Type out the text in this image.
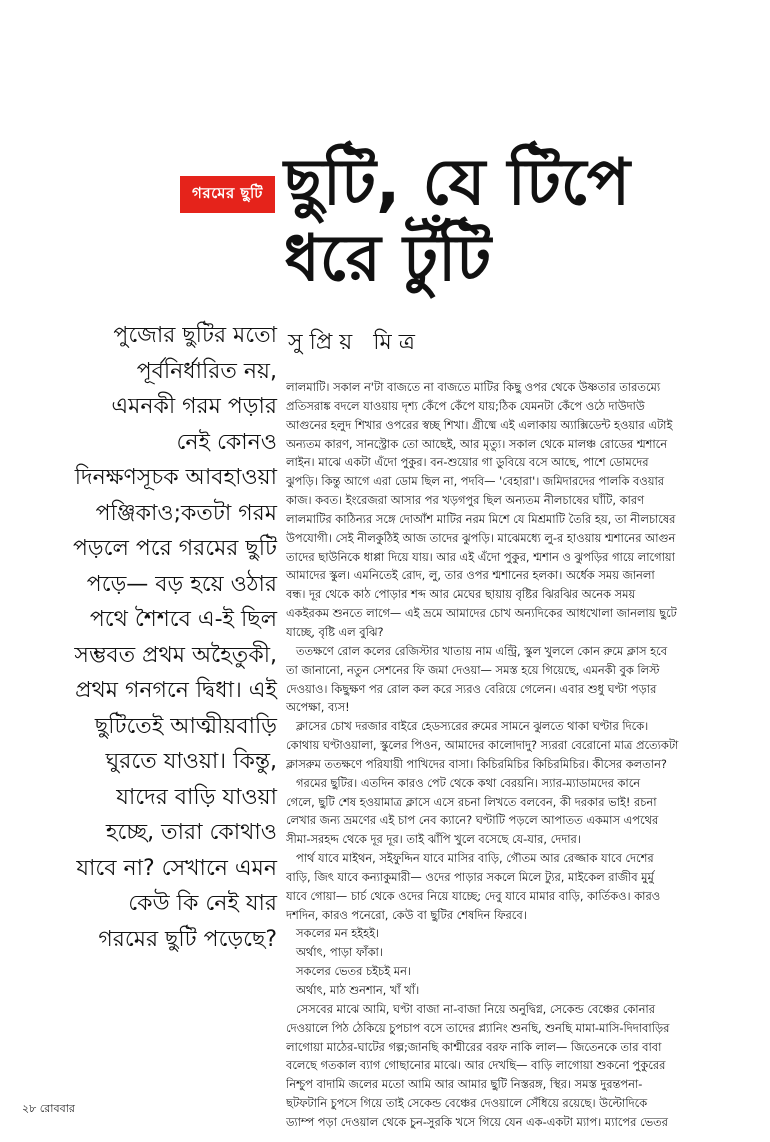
গরমের ছুটি ছুটি, যে টিপে
ধরে টুঁটি
সুপ্রিয় মিত্র
পুজোর ছুটির মতো
পূর্বনির্ধারিত নয়,
এমনকী গরম পড়ার
নেই কোনও
দিনক্ষণসূচক আবহাওয়া
পঞ্জিকাও;কতটা গরম
পড়লে পরে গরমের ছুটি
পড়ে— বড় হয়ে ওঠার
পথে শৈশবে এ-ই ছিল
সম্ভবত প্রথম অহৈতুকী,
প্রথম গনগনে দ্বিধা। এই
ছুটিতেই আত্মীয়বাড়ি
ঘুরতে যাওয়া। কিন্তু,
যাদের বাড়ি যাওয়া
হচ্ছে, তারা কোথাও
যাবে না? সেখানে এমন
কেউ কি নেই যার
গরমের ছুটি পড়েছে?
লালমাটি। সকাল ন'টা বাজতে না বাজতে মাটির কিছু ওপর থেকে উষ্ণতার তারতম্যে
প্রতিসরাঙ্ক বদলে যাওয়ায় দৃশ্য কেঁপে কেঁপে যায়;ঠিক যেমনটা কেঁপে ওঠে দাউদাউ
আগুনের হলুদ শিখার ওপরের স্বচ্ছ শিখা। গ্রীষ্মে এই এলাকায় অ্যাক্সিডেন্ট হওয়ার এটাই
অন্যতম কারণ, সানস্ট্রোক তো আছেই, আর মৃত্যু। সকাল থেকে মালঞ্চ রোডের শ্মশানে
লাইন। মাঝে একটা এঁদো পুকুর। বন-শুয়োর গা ডুবিয়ে বসে আছে, পাশে ডোমদের
ঝুপড়ি। কিন্তু আগে এরা ডোম ছিল না, পদবি— 'বেহারা'। জমিদারদের পালকি বওয়ার
কাজ। কবত। ইংরেজরা আসার পর খড়গপুর ছিল অন্যতম নীলচাষের ঘাঁটি, কারণ
লালমাটির কাঠিন্যর সঙ্গে দোআঁশ মাটির নরম মিশে যে মিশ্রমাটি তৈরি হয়, তা নীলচাষের
উপযোগী। সেই নীলকুঠিই আজ তাদের ঝুপড়ি। মাঝেমধ্যে লু-র হাওয়ায় শ্মশানের আগুন
তাদের ছাউনিকে ধাপ্পা দিয়ে যায়। আর এই এঁদো পুকুর, শ্মশান ও ঝুপড়ির গায়ে লাগোয়া
আমাদের স্কুল। এমনিতেই রোদ, লু, তার ওপর শ্মশানের হলকা। অর্ধেক সময় জানলা
বন্ধ। দূর থেকে কাঠ পোড়ার শব্দ আর মেঘের ছায়ায় বৃষ্টির ঝিরঝির অনেক সময়
একইরকম শুনতে লাগে— এই ভ্রমে আমাদের চোখ অন্যদিকের আধখোলা জানলায় ছুটে
যাচ্ছে, বৃষ্টি এল বুঝি?
ততক্ষণে রোল কলের রেজিস্টার খাতায় নাম এন্ট্রি, স্কুল খুললে কোন রুমে ক্লাস হবে
তা জানানো, নতুন সেশনের ফি জমা দেওয়া— সমস্ত হয়ে গিয়েছে, এমনকী বুক লিস্ট
দেওয়াও। কিছুক্ষণ পর রোল কল করে স্যরও বেরিয়ে গেলেন। এবার শুধু ঘণ্টা পড়ার
অপেক্ষা, ব্যস!
ক্লাসের চোখ দরজার বাইরে হেডস্যরের রুমের সামনে ঝুলতে থাকা ঘণ্টার দিকে।
কোথায় ঘণ্টাওয়ালা, স্কুলের পিওন, আমাদের কালোদাদু? স্যররা বেরোনো মাত্র প্রত্যেকটা
ক্লাসরুম ততক্ষণে পরিযায়ী পাখিদের বাসা। কিচিরমিচির কিচিরমিচির। কীসের কলতান?
গরমের ছুটির। এতদিন কারও পেট থেকে কথা বেরয়নি। স্যার-ম্যাডামদের কানে
গেলে, ছুটি শেষ হওয়ামাত্র ক্লাসে এসে রচনা লিখতে বলবেন, কী দরকার ভাই! রচনা
লেখার জন্য ভ্রমণের এই চাপ নেব ক্যানে? ঘণ্টাটি পড়লে আপাতত একমাস এপথের
সীমা-সরহদ্দ থেকে দূর দূর। তাই ঝাঁপি খুলে বসেছে যে-যার, দেদার।
পার্থ যাবে মাইথন, সইফুদ্দিন যাবে মাসির বাড়ি, গৌতম আর রেজ্জাক যাবে দেশের
বাড়ি, জিৎ যাবে কন্যাকুমারী— ওদের পাড়ার সকলে মিলে ট্যুর, মাইকেল রাজীব মুর্মু
যাবে গোয়া— চার্চ থেকে ওদের নিয়ে যাচ্ছে; দেবু যাবে মামার বাড়ি, কার্তিকও। কারও
দশদিন, কারও পনেরো, কেউ বা ছুটির শেষদিন ফিরবে।
সকলের মন হইহই।
অর্থাৎ, পাড়া ফাঁকা।
সকলের ভেতর চইচই মন।
অর্থাৎ, মাঠ শুনশান, খাঁ খাঁ।
সেসবের মাঝে আমি, ঘণ্টা বাজা না-বাজা নিয়ে অনুদ্বিগ্ন, সেকেন্ড বেঞ্চের কোনার
দেওয়ালে পিঠ ঠেকিয়ে চুপচাপ বসে তাদের প্ল্যানিং শুনছি, শুনছি মামা-মাসি-দিদাবাড়ির
লাগোয়া মাঠের-ঘাটের গল্প;জানছি কাশ্মীরের বরফ নাকি লাল— জিতেনকে তার বাবা
বলেছে গতকাল ব্যাগ গোছানোর মাঝে। আর দেখছি— বাড়ি লাগোয়া শুকনো পুকুরের
নিশ্চুপ বাদামি জলের মতো আমি আর আমার ছুটি নিস্তরঙ্গ, স্থির। সমস্ত দুরন্তপনা-
ছটফটানি চুপসে গিয়ে তাই সেকেন্ড বেঞ্চের দেওয়ালে সেঁধিয়ে রয়েছে। উল্টোদিকে
ড্যাম্প পড়া দেওয়াল থেকে চুন-সুরকি খসে গিয়ে যেন এক-একটা ম্যাপ। ম্যাপের ভেতর
২৮ রোববার
